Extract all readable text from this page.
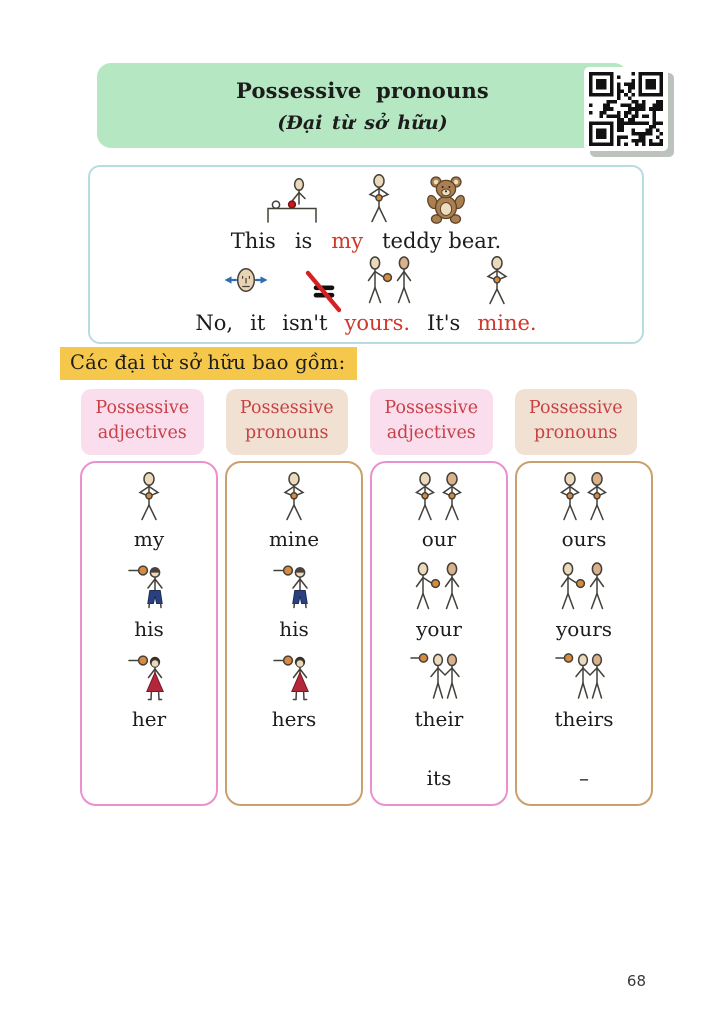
Possessive pronouns
(Đại từ sở hữu)
This is my teddy bear.
No, it isn't yours. It's mine.
Các đại từ sở hữu bao gồm:
Possessive
adjectives
Possessive
pronouns
Possessive
adjectives
Possessive
pronouns
my
his
her
mine
his
hers
our
your
their
its
ours
yours
theirs
–
68
